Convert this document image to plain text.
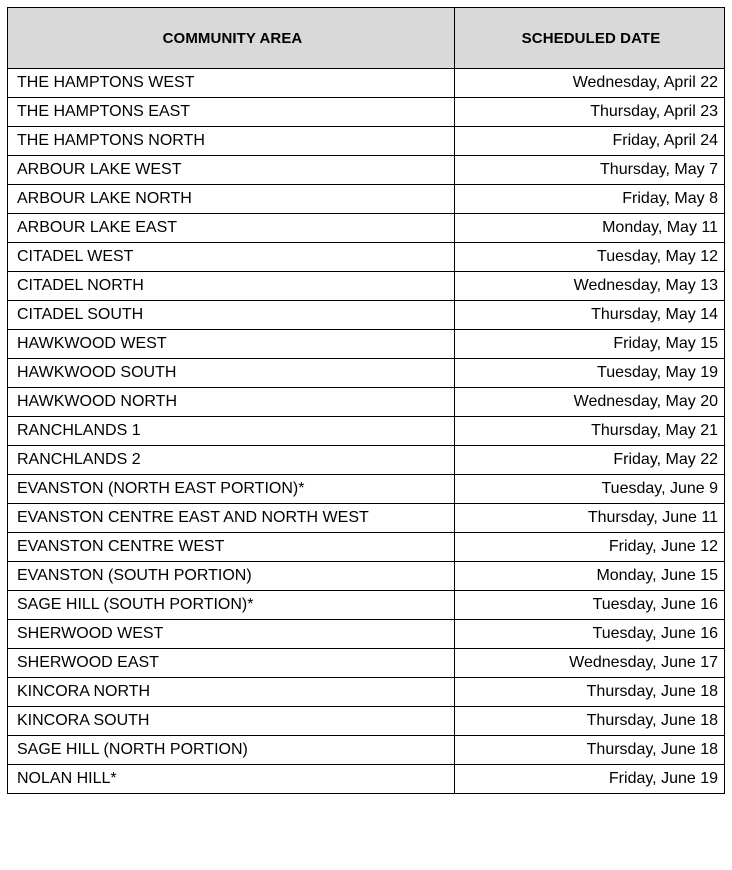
COMMUNITY AREA	SCHEDULED DATE
THE HAMPTONS WEST	Wednesday, April 22
THE HAMPTONS EAST	Thursday, April 23
THE HAMPTONS NORTH	Friday, April 24
ARBOUR LAKE WEST	Thursday, May 7
ARBOUR LAKE NORTH	Friday, May 8
ARBOUR LAKE EAST	Monday, May 11
CITADEL WEST	Tuesday, May 12
CITADEL NORTH	Wednesday, May 13
CITADEL SOUTH	Thursday, May 14
HAWKWOOD WEST	Friday, May 15
HAWKWOOD SOUTH	Tuesday, May 19
HAWKWOOD NORTH	Wednesday, May 20
RANCHLANDS 1	Thursday, May 21
RANCHLANDS 2	Friday, May 22
EVANSTON (NORTH EAST PORTION)*	Tuesday, June 9
EVANSTON CENTRE EAST AND NORTH WEST	Thursday, June 11
EVANSTON CENTRE WEST	Friday, June 12
EVANSTON (SOUTH PORTION)	Monday, June 15
SAGE HILL (SOUTH PORTION)*	Tuesday, June 16
SHERWOOD WEST	Tuesday, June 16
SHERWOOD EAST	Wednesday, June 17
KINCORA NORTH	Thursday, June 18
KINCORA SOUTH	Thursday, June 18
SAGE HILL (NORTH PORTION)	Thursday, June 18
NOLAN HILL*	Friday, June 19
